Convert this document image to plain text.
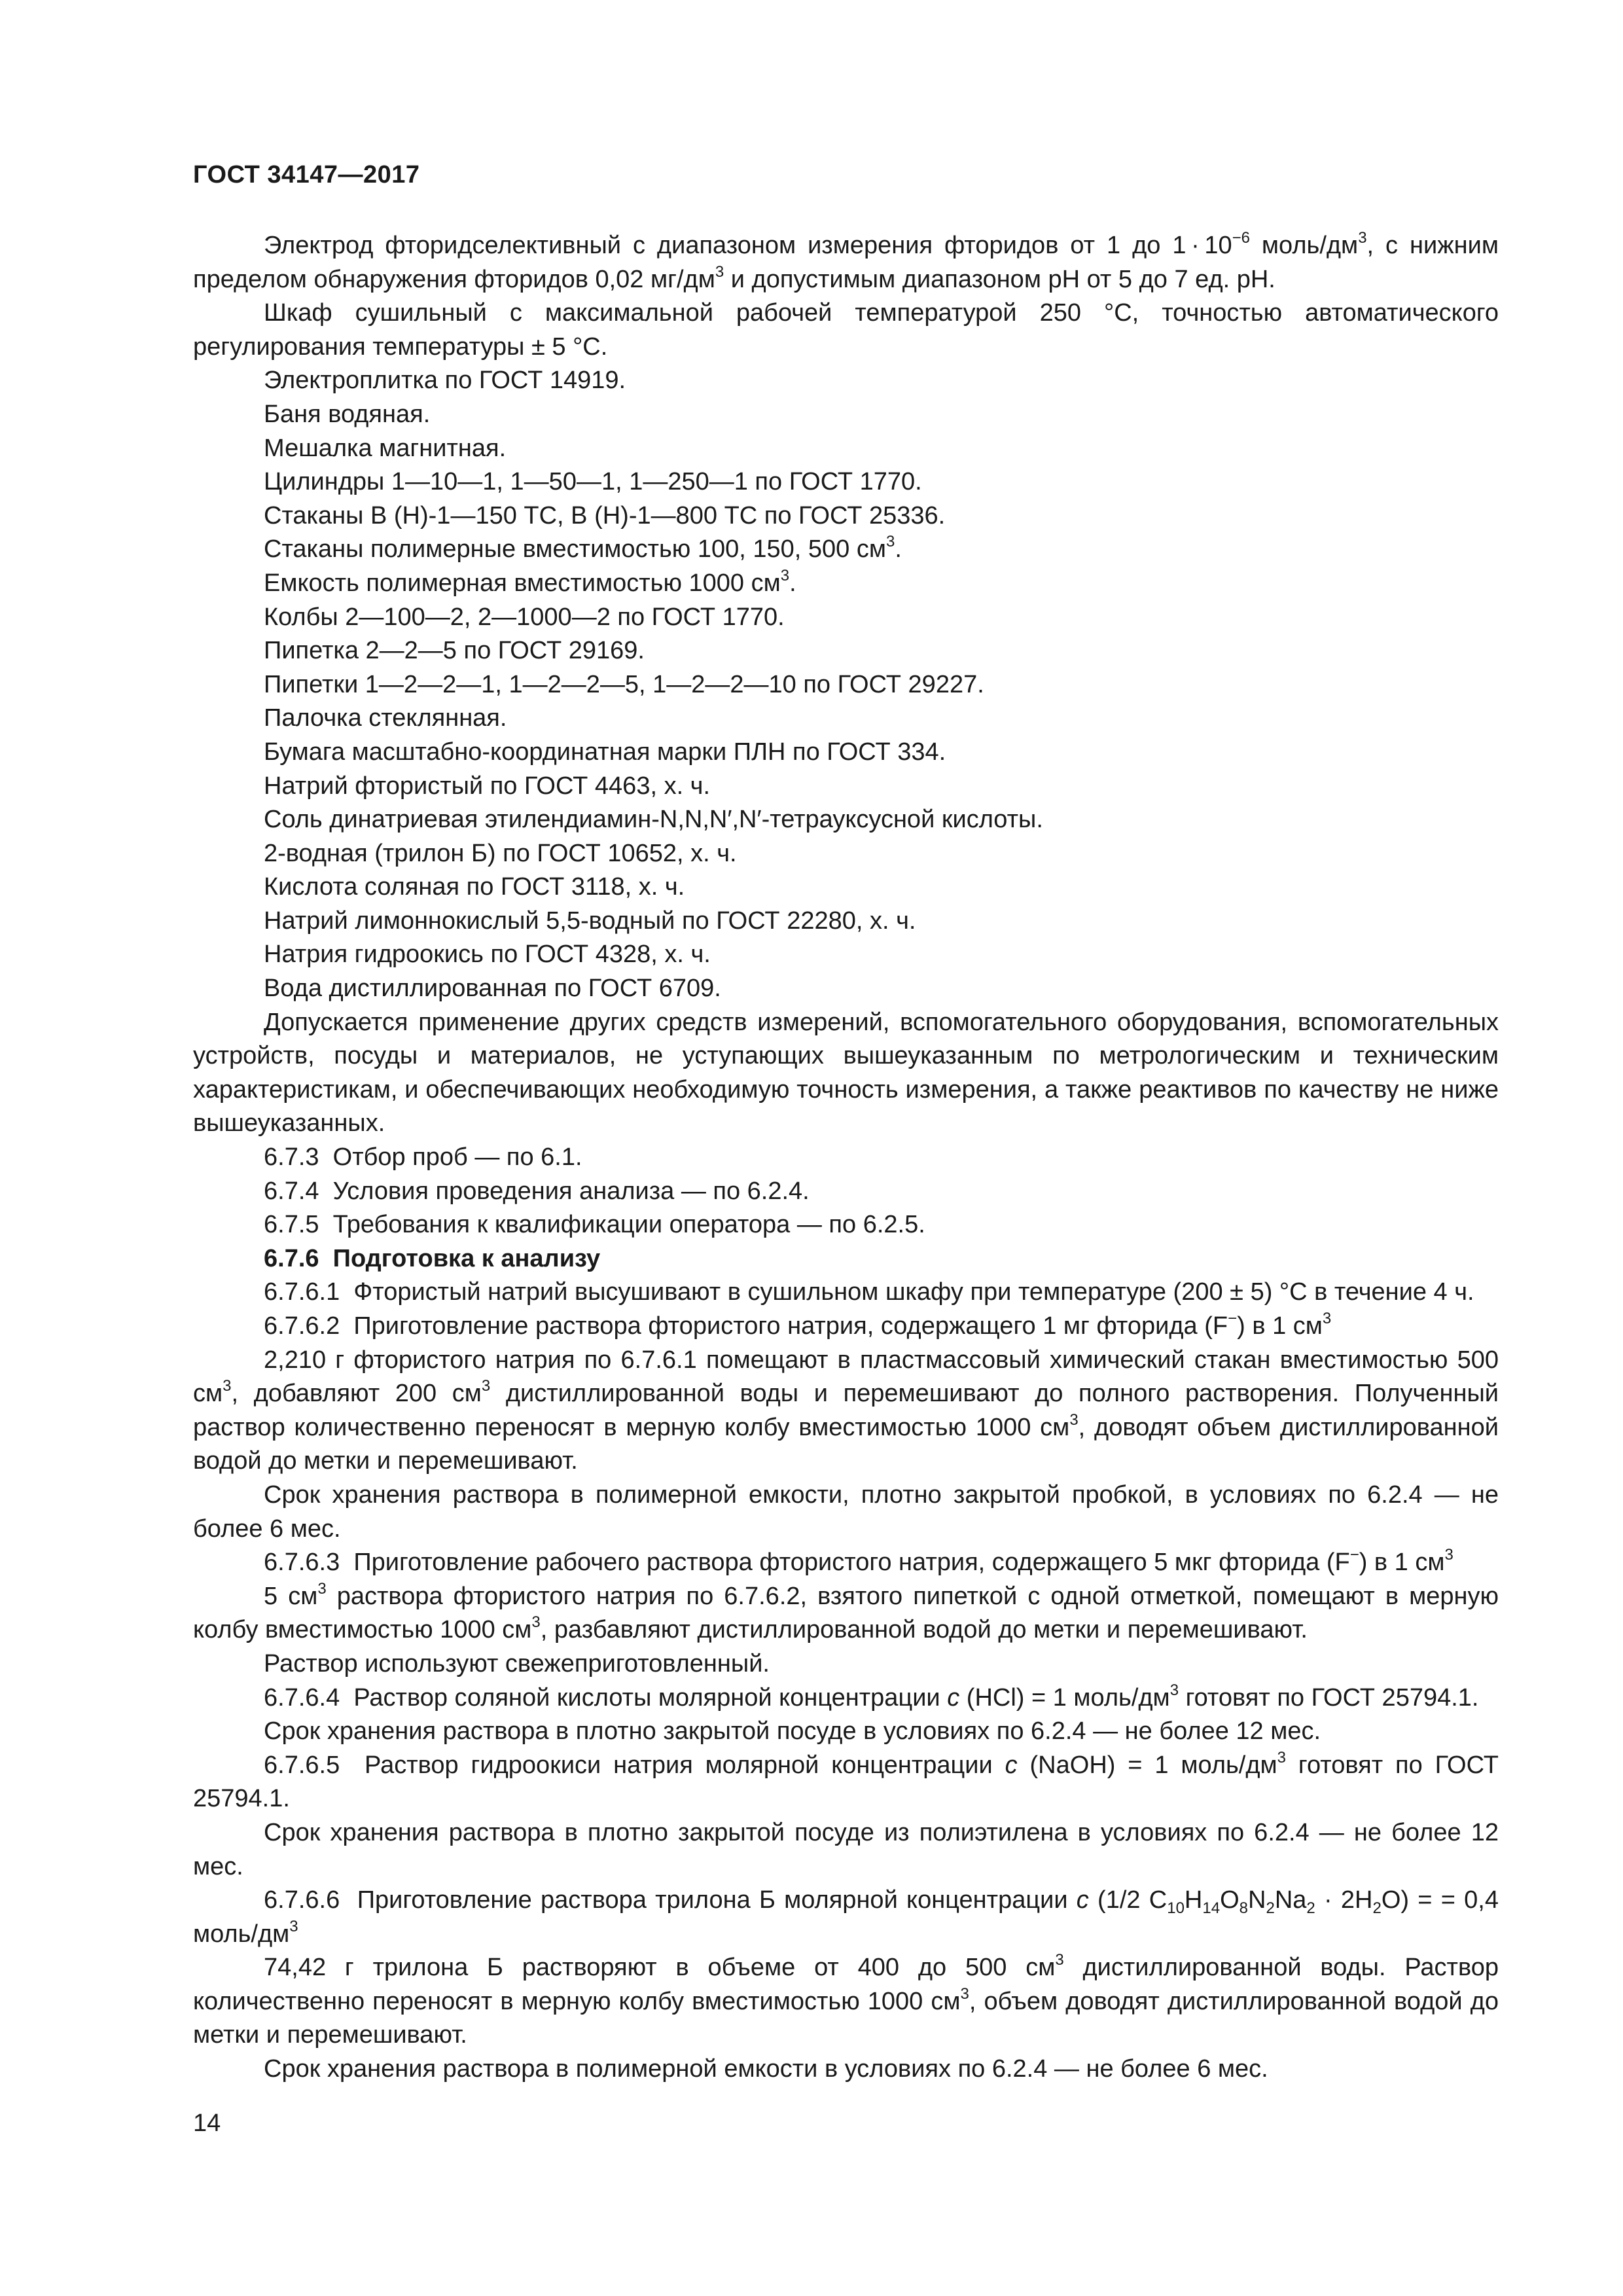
ГОСТ 34147—2017

Электрод фторидселективный с диапазоном измерения фторидов от 1 до $1 \cdot 10^{-6}$ моль/$дм^3$, с нижним пределом обнаружения фторидов 0,02 $мг/дм^3$ и допустимым диапазоном pH от 5 до 7 ед. pH.

Шкаф сушильный с максимальной рабочей температурой 250 °С, точностью автоматического регулирования температуры ± 5 °С.

Электроплитка по ГОСТ 14919.

Баня водяная.

Мешалка магнитная.

Цилиндры 1—10—1, 1—50—1, 1—250—1 по ГОСТ 1770.

Стаканы В (Н)-1—150 ТС, В (Н)-1—800 ТС по ГОСТ 25336.

Стаканы полимерные вместимостью 100, 150, 500 $см^3$.

Емкость полимерная вместимостью 1000 $см^3$.

Колбы 2—100—2, 2—1000—2 по ГОСТ 1770.

Пипетка 2—2—5 по ГОСТ 29169.

Пипетки 1—2—2—1, 1—2—2—5, 1—2—2—10 по ГОСТ 29227.

Палочка стеклянная.

Бумага масштабно-координатная марки ПЛН по ГОСТ 334.

Натрий фтористый по ГОСТ 4463, х. ч.

Соль динатриевая этилендиамин-N,N,N′,N′-тетрауксусной кислоты.

2-водная (трилон Б) по ГОСТ 10652, х. ч.

Кислота соляная по ГОСТ 3118, х. ч.

Натрий лимоннокислый 5,5-водный по ГОСТ 22280, х. ч.

Натрия гидроокись по ГОСТ 4328, х. ч.

Вода дистиллированная по ГОСТ 6709.

Допускается применение других средств измерений, вспомогательного оборудования, вспомогательных устройств, посуды и материалов, не уступающих вышеуказанным по метрологическим и техническим характеристикам, и обеспечивающих необходимую точность измерения, а также реактивов по качеству не ниже вышеуказанных.

6.7.3  Отбор проб — по 6.1.

6.7.4  Условия проведения анализа — по 6.2.4.

6.7.5  Требования к квалификации оператора — по 6.2.5.

6.7.6  Подготовка к анализу

6.7.6.1  Фтористый натрий высушивают в сушильном шкафу при температуре (200 ± 5) °С в течение 4 ч.

6.7.6.2  Приготовление раствора фтористого натрия, содержащего 1 мг фторида (F−) в 1 $см^3$

2,210 г фтористого натрия по 6.7.6.1 помещают в пластмассовый химический стакан вместимостью 500 $см^3$, добавляют 200 $см^3$ дистиллированной воды и перемешивают до полного растворения. Полученный раствор количественно переносят в мерную колбу вместимостью 1000 $см^3$, доводят объем дистиллированной водой до метки и перемешивают.

Срок хранения раствора в полимерной емкости, плотно закрытой пробкой, в условиях по 6.2.4 — не более 6 мес.

6.7.6.3  Приготовление рабочего раствора фтористого натрия, содержащего 5 мкг фторида (F−) в 1 $см^3$

5 $см^3$ раствора фтористого натрия по 6.7.6.2, взятого пипеткой с одной отметкой, помещают в мерную колбу вместимостью 1000 $см^3$, разбавляют дистиллированной водой до метки и перемешивают.

Раствор используют свежеприготовленный.

6.7.6.4  Раствор соляной кислоты молярной концентрации с (HCl) = 1 моль/$дм^3$ готовят по ГОСТ 25794.1.

Срок хранения раствора в плотно закрытой посуде в условиях по 6.2.4 — не более 12 мес.

6.7.6.5  Раствор гидроокиси натрия молярной концентрации с (NaOH) = 1 моль/$дм^3$ готовят по ГОСТ 25794.1.

Срок хранения раствора в плотно закрытой посуде из полиэтилена в условиях по 6.2.4 — не более 12 мес.

6.7.6.6  Приготовление раствора трилона Б молярной концентрации с (1/2 $C_{10}H_{14}O_8N_2Na_2 \cdot 2H_2O$) = = 0,4 моль/$дм^3$

74,42 г трилона Б растворяют в объеме от 400 до 500 $см^3$ дистиллированной воды. Раствор количественно переносят в мерную колбу вместимостью 1000 $см^3$, объем доводят дистиллированной водой до метки и перемешивают.

Срок хранения раствора в полимерной емкости в условиях по 6.2.4 — не более 6 мес.

14
